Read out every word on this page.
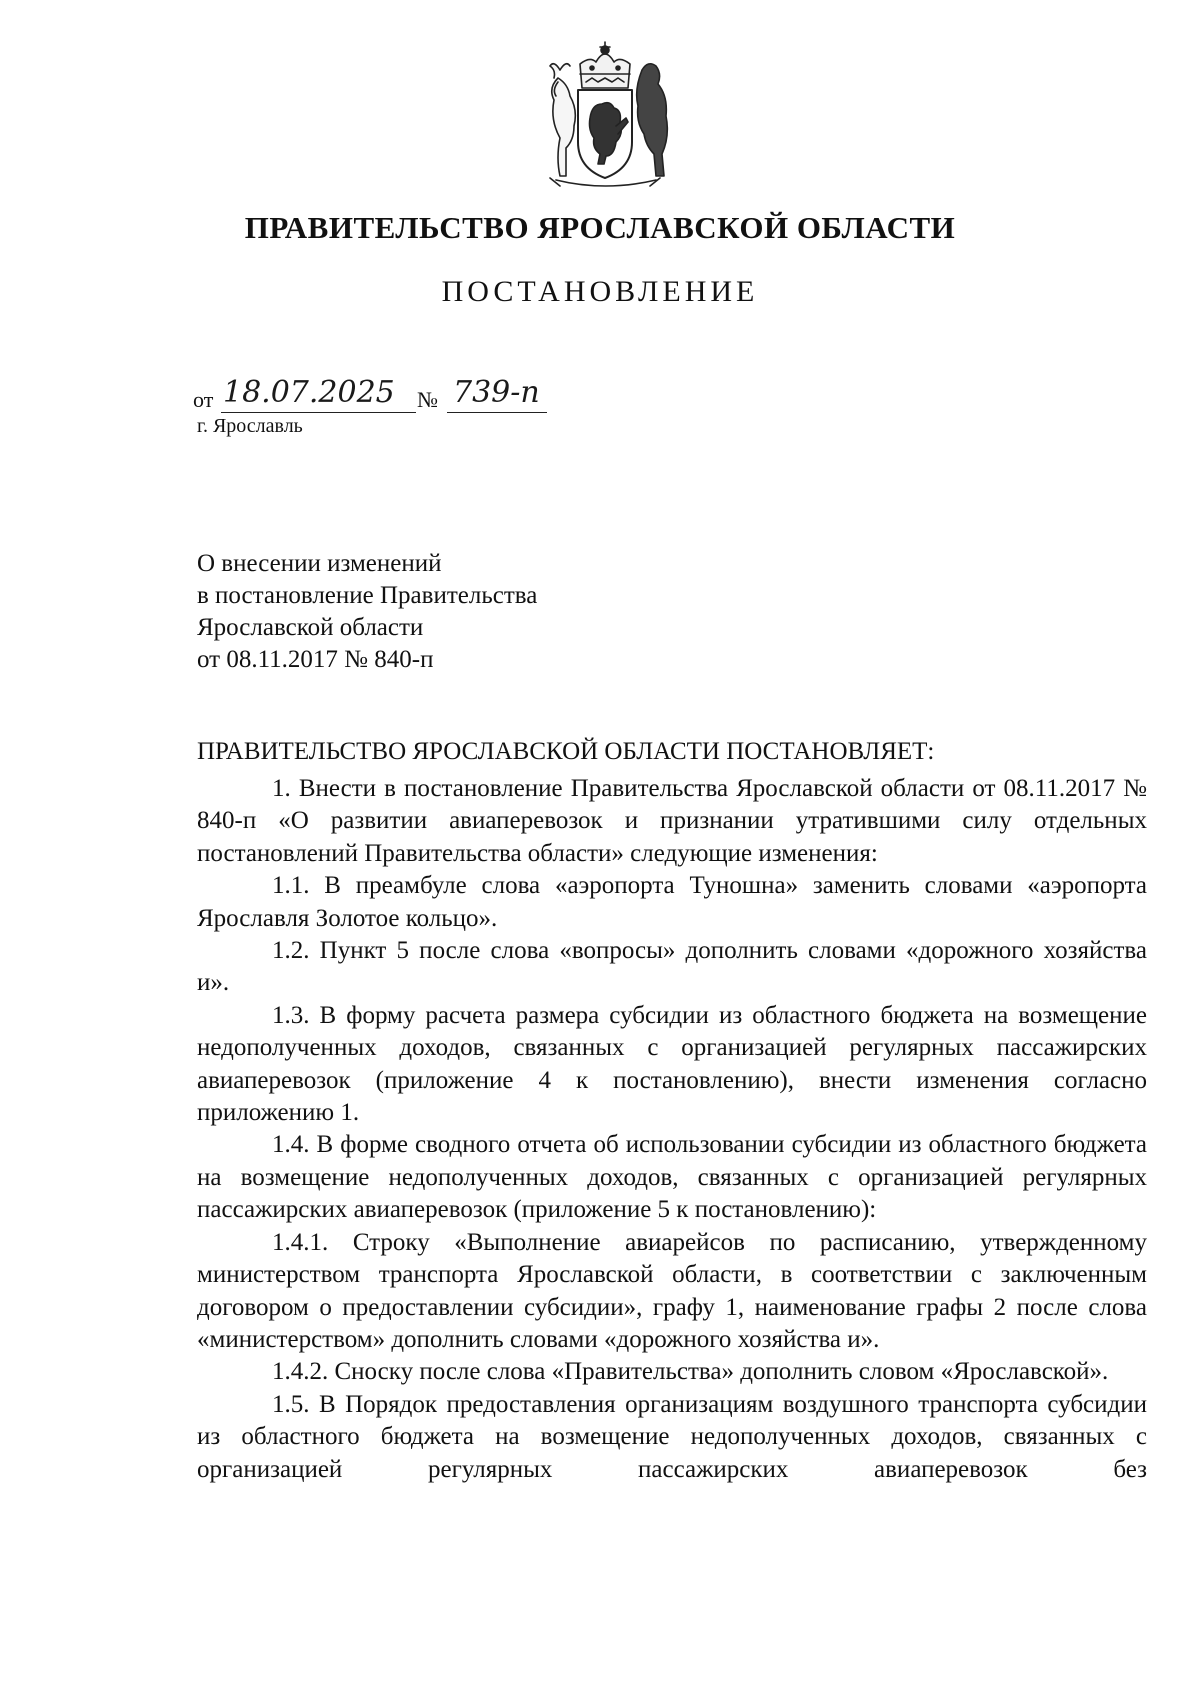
ПРАВИТЕЛЬСТВО ЯРОСЛАВСКОЙ ОБЛАСТИ
ПОСТАНОВЛЕНИЕ
от 18.07.2025 № 739-п
г. Ярославль
О внесении изменений
в постановление Правительства
Ярославской области
от 08.11.2017 № 840-п
ПРАВИТЕЛЬСТВО ЯРОСЛАВСКОЙ ОБЛАСТИ ПОСТАНОВЛЯЕТ:

1. Внести в постановление Правительства Ярославской области от 08.11.2017 № 840-п «О развитии авиаперевозок и признании утратившими силу отдельных постановлений Правительства области» следующие изменения:

1.1. В преамбуле слова «аэропорта Туношна» заменить словами «аэропорта Ярославля Золотое кольцо».

1.2. Пункт 5 после слова «вопросы» дополнить словами «дорожного хозяйства и».

1.3. В форму расчета размера субсидии из областного бюджета на возмещение недополученных доходов, связанных с организацией регулярных пассажирских авиаперевозок (приложение 4 к постановлению), внести изменения согласно приложению 1.

1.4. В форме сводного отчета об использовании субсидии из областного бюджета на возмещение недополученных доходов, связанных с организацией регулярных пассажирских авиаперевозок (приложение 5 к постановлению):

1.4.1. Строку «Выполнение авиарейсов по расписанию, утвержденному министерством транспорта Ярославской области, в соответствии с заключенным договором о предоставлении субсидии», графу 1, наименование графы 2 после слова «министерством» дополнить словами «дорожного хозяйства и».

1.4.2. Сноску после слова «Правительства» дополнить словом «Ярославской».

1.5. В Порядок предоставления организациям воздушного транспорта субсидии из областного бюджета на возмещение недополученных доходов, связанных с организацией регулярных пассажирских авиаперевозок без
